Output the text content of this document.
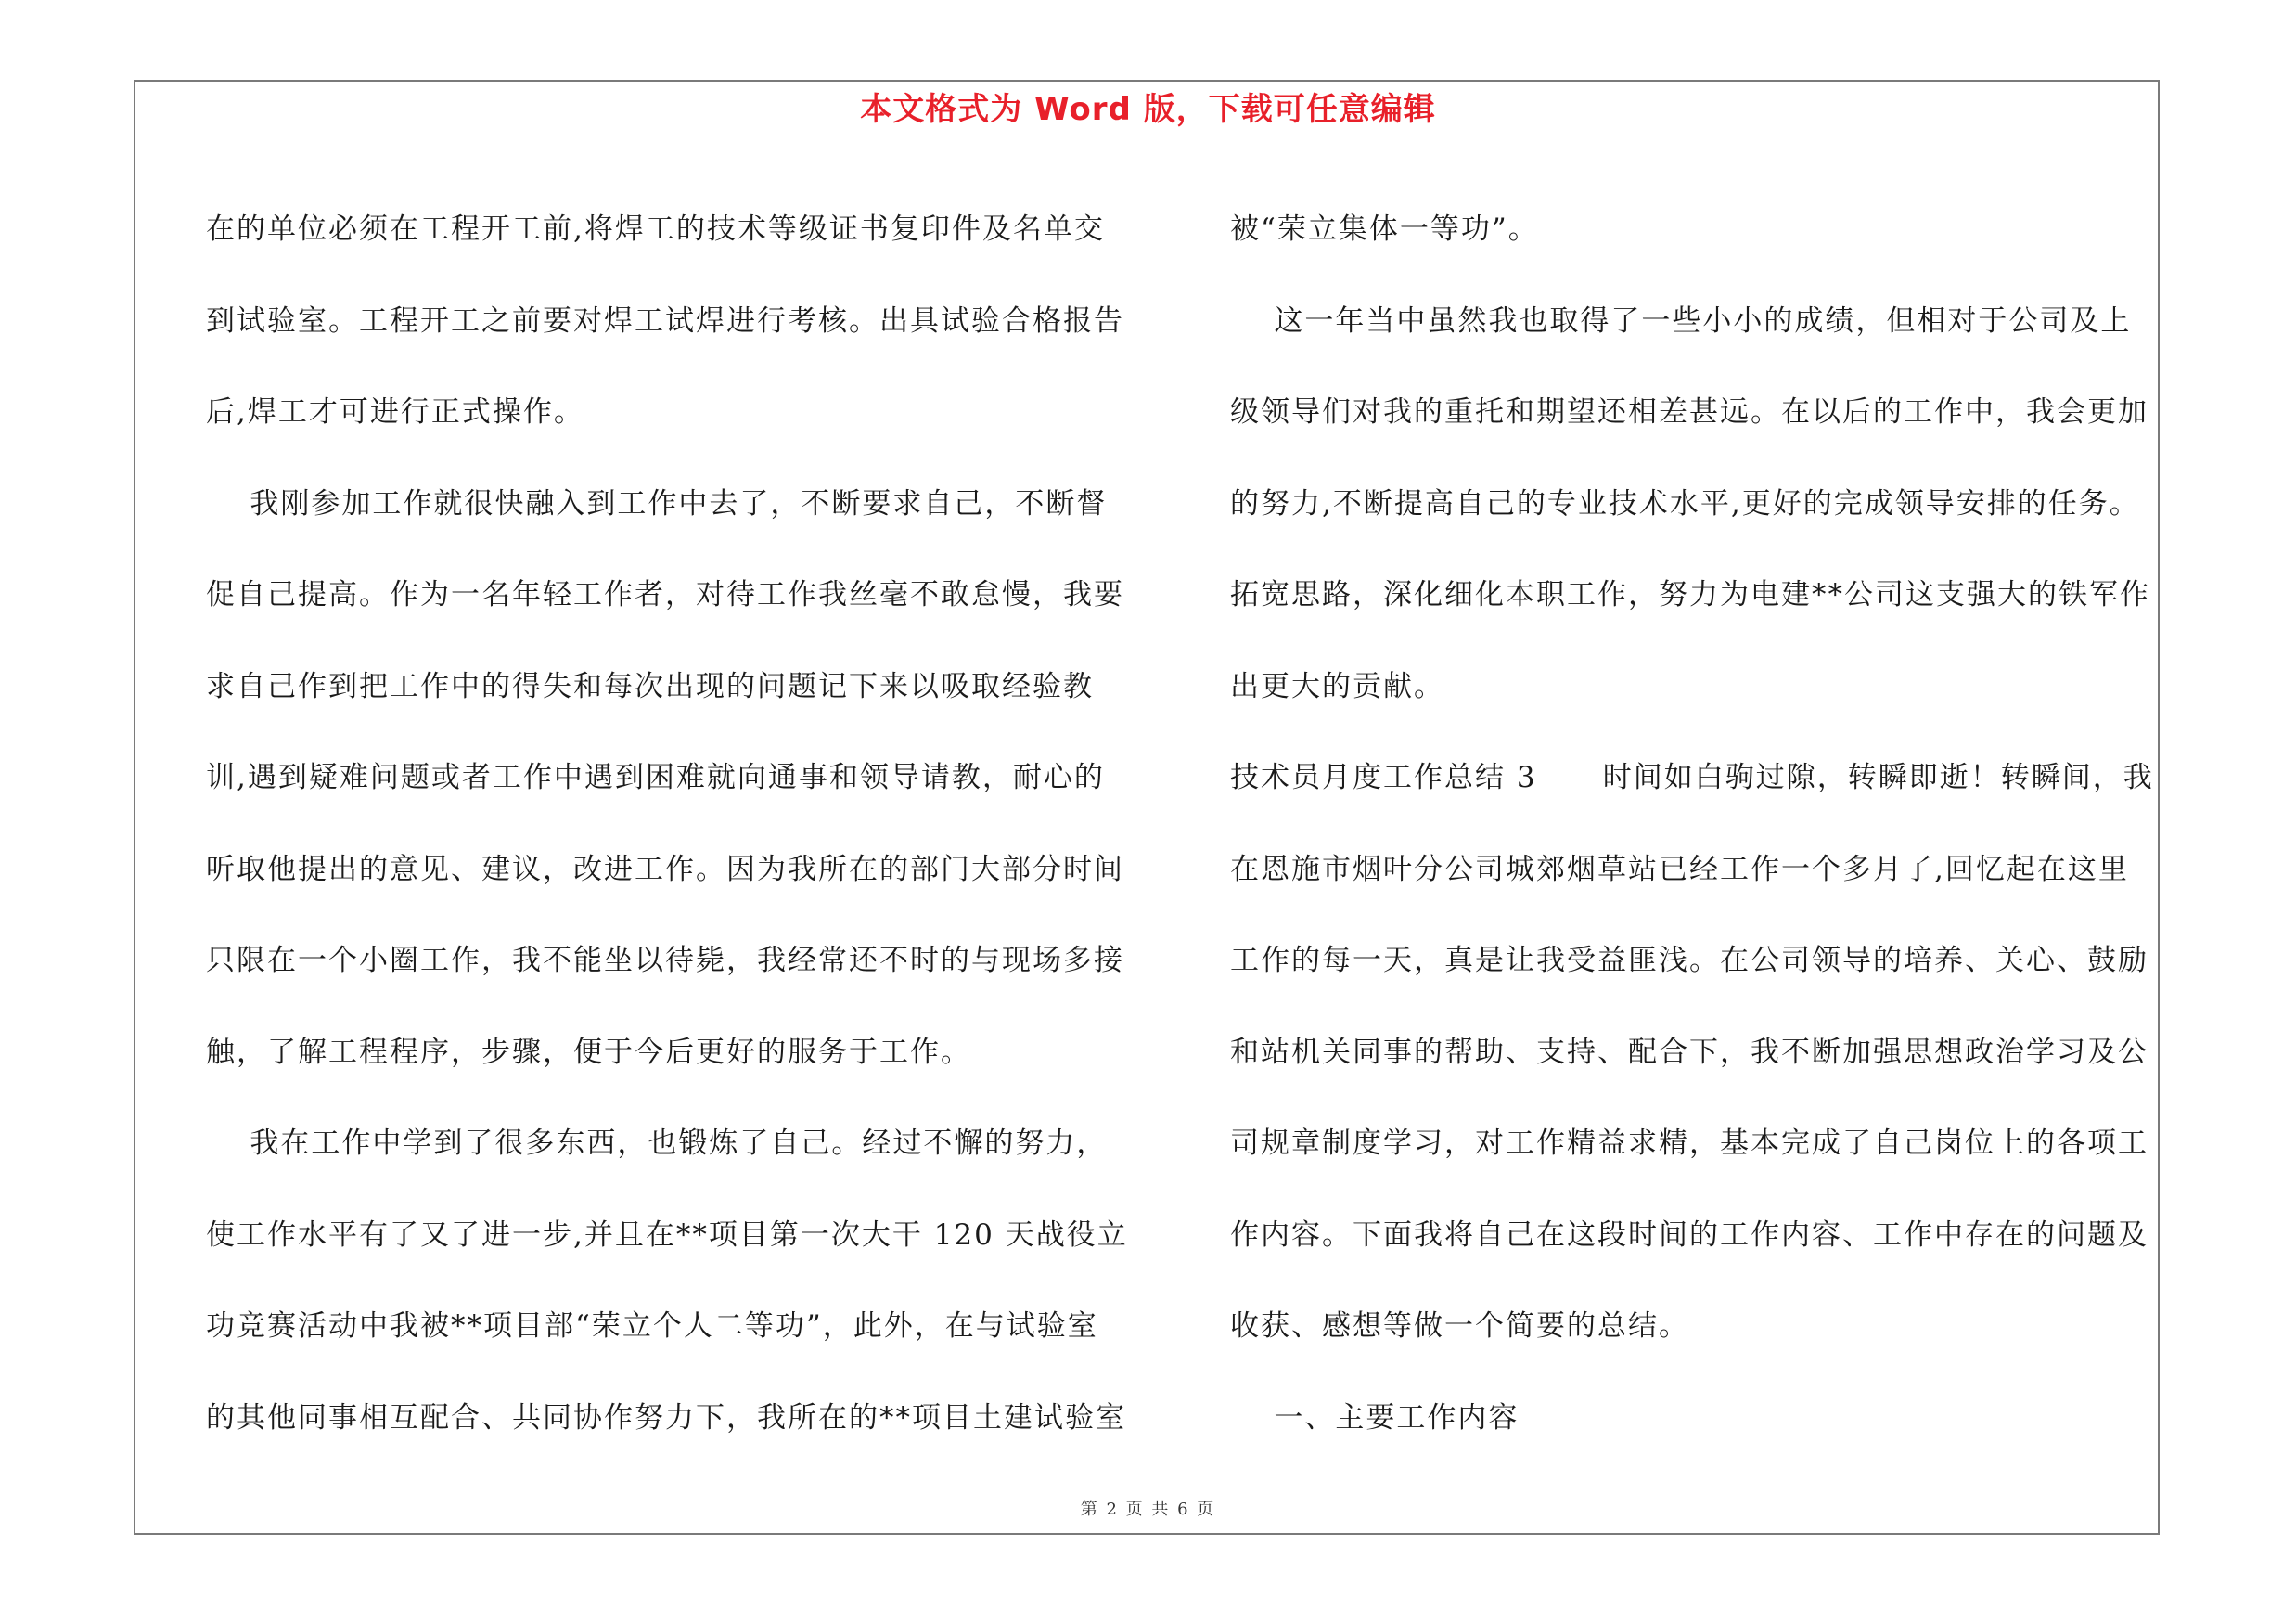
本文格式为 Word 版，下载可任意编辑
在的单位必须在工程开工前,将焊工的技术等级证书复印件及名单交
到试验室。工程开工之前要对焊工试焊进行考核。出具试验合格报告
后,焊工才可进行正式操作。
我刚参加工作就很快融入到工作中去了，不断要求自己，不断督
促自己提高。作为一名年轻工作者，对待工作我丝毫不敢怠慢，我要
求自己作到把工作中的得失和每次出现的问题记下来以吸取经验教
训,遇到疑难问题或者工作中遇到困难就向通事和领导请教，耐心的
听取他提出的意见、建议，改进工作。因为我所在的部门大部分时间
只限在一个小圈工作，我不能坐以待毙，我经常还不时的与现场多接
触，了解工程程序，步骤，便于今后更好的服务于工作。
我在工作中学到了很多东西，也锻炼了自己。经过不懈的努力，
使工作水平有了又了进一步,并且在**项目第一次大干 120 天战役立
功竞赛活动中我被**项目部“荣立个人二等功”，此外，在与试验室
的其他同事相互配合、共同协作努力下，我所在的**项目土建试验室
被“荣立集体一等功”。
这一年当中虽然我也取得了一些小小的成绩，但相对于公司及上
级领导们对我的重托和期望还相差甚远。在以后的工作中，我会更加
的努力,不断提高自己的专业技术水平,更好的完成领导安排的任务。
拓宽思路，深化细化本职工作，努力为电建**公司这支强大的铁军作
出更大的贡献。
技术员月度工作总结 3      时间如白驹过隙，转瞬即逝！转瞬间，我
在恩施市烟叶分公司城郊烟草站已经工作一个多月了,回忆起在这里
工作的每一天，真是让我受益匪浅。在公司领导的培养、关心、鼓励
和站机关同事的帮助、支持、配合下，我不断加强思想政治学习及公
司规章制度学习，对工作精益求精，基本完成了自己岗位上的各项工
作内容。下面我将自己在这段时间的工作内容、工作中存在的问题及
收获、感想等做一个简要的总结。
一、主要工作内容
第 2 页 共 6 页
